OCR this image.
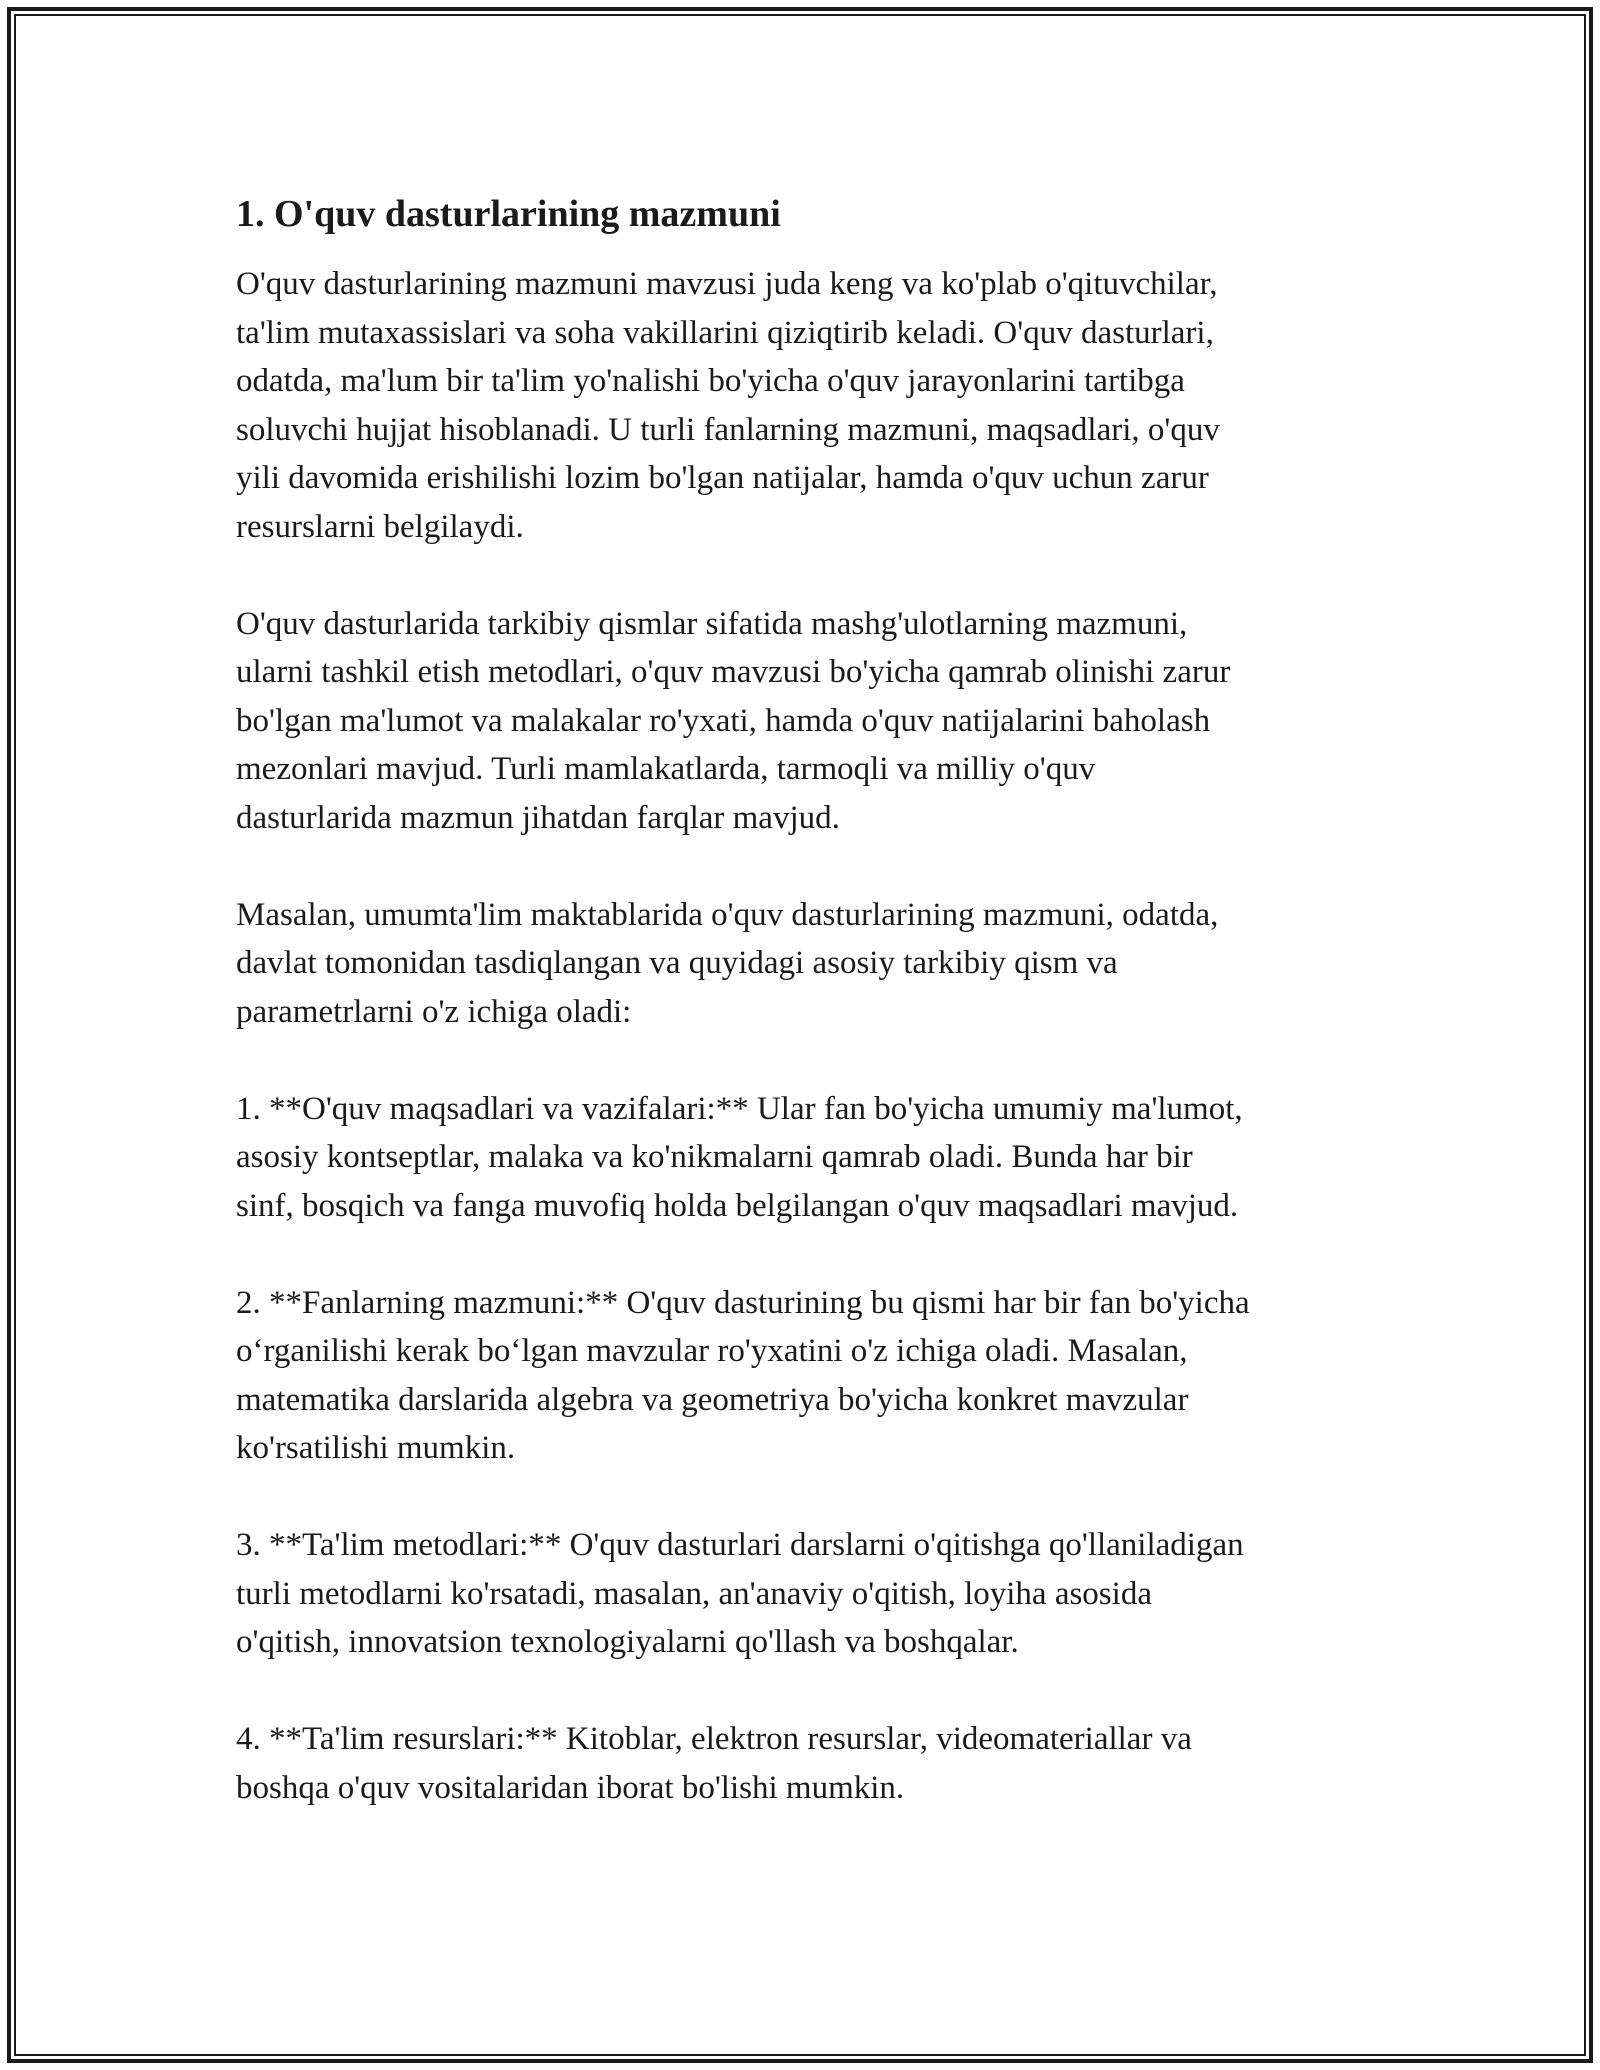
1. O'quv dasturlarining mazmuni

O'quv dasturlarining mazmuni mavzusi juda keng va ko'plab o'qituvchilar,
ta'lim mutaxassislari va soha vakillarini qiziqtirib keladi. O'quv dasturlari,
odatda, ma'lum bir ta'lim yo'nalishi bo'yicha o'quv jarayonlarini tartibga
soluvchi hujjat hisoblanadi. U turli fanlarning mazmuni, maqsadlari, o'quv
yili davomida erishilishi lozim bo'lgan natijalar, hamda o'quv uchun zarur
resurslarni belgilaydi.

O'quv dasturlarida tarkibiy qismlar sifatida mashg'ulotlarning mazmuni,
ularni tashkil etish metodlari, o'quv mavzusi bo'yicha qamrab olinishi zarur
bo'lgan ma'lumot va malakalar ro'yxati, hamda o'quv natijalarini baholash
mezonlari mavjud. Turli mamlakatlarda, tarmoqli va milliy o'quv
dasturlarida mazmun jihatdan farqlar mavjud.

Masalan, umumta'lim maktablarida o'quv dasturlarining mazmuni, odatda,
davlat tomonidan tasdiqlangan va quyidagi asosiy tarkibiy qism va
parametrlarni o'z ichiga oladi:

1. **O'quv maqsadlari va vazifalari:** Ular fan bo'yicha umumiy ma'lumot,
asosiy kontseptlar, malaka va ko'nikmalarni qamrab oladi. Bunda har bir
sinf, bosqich va fanga muvofiq holda belgilangan o'quv maqsadlari mavjud.

2. **Fanlarning mazmuni:** O'quv dasturining bu qismi har bir fan bo'yicha
o‘rganilishi kerak bo‘lgan mavzular ro'yxatini o'z ichiga oladi. Masalan,
matematika darslarida algebra va geometriya bo'yicha konkret mavzular
ko'rsatilishi mumkin.

3. **Ta'lim metodlari:** O'quv dasturlari darslarni o'qitishga qo'llaniladigan
turli metodlarni ko'rsatadi, masalan, an'anaviy o'qitish, loyiha asosida
o'qitish, innovatsion texnologiyalarni qo'llash va boshqalar.

4. **Ta'lim resurslari:** Kitoblar, elektron resurslar, videomateriallar va
boshqa o'quv vositalaridan iborat bo'lishi mumkin.
